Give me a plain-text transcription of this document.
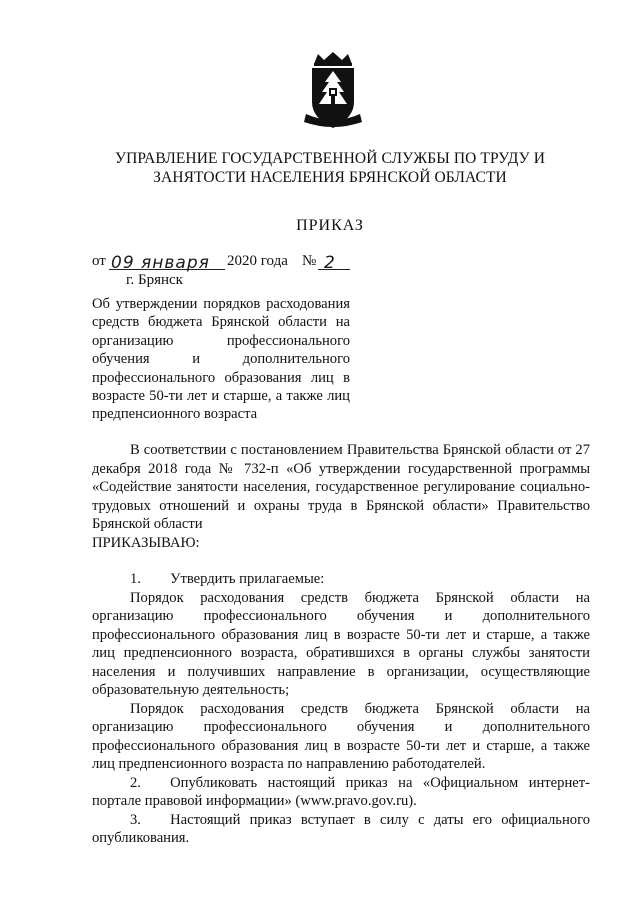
УПРАВЛЕНИЕ ГОСУДАРСТВЕННОЙ СЛУЖБЫ ПО ТРУДУ И
ЗАНЯТОСТИ НАСЕЛЕНИЯ БРЯНСКОЙ ОБЛАСТИ
ПРИКАЗ
от 09 января 2020 года № 2
г. Брянск
Об утверждении порядков расходования средств бюджета Брянской области на организацию профессионального обучения и дополнительного профессионального образования лиц в возрасте 50-ти лет и старше, а также лиц предпенсионного возраста

В соответствии с постановлением Правительства Брянской области от 27 декабря 2018 года № 732-п «Об утверждении государственной программы «Содействие занятости населения, государственное регулирование социально-трудовых отношений и охраны труда в Брянской области» Правительство Брянской области

ПРИКАЗЫВАЮ:

1.  Утвердить прилагаемые:

Порядок расходования средств бюджета Брянской области на организацию профессионального обучения и дополнительного профессионального образования лиц в возрасте 50-ти лет и старше, а также лиц предпенсионного возраста, обратившихся в органы службы занятости населения и получивших направление в организации, осуществляющие образовательную деятельность;

Порядок расходования средств бюджета Брянской области на организацию профессионального обучения и дополнительного профессионального образования лиц в возрасте 50-ти лет и старше, а также лиц предпенсионного возраста по направлению работодателей.

2.  Опубликовать настоящий приказ на «Официальном интернет-портале правовой информации» (www.pravo.gov.ru).

3.  Настоящий приказ вступает в силу с даты его официального опубликования.
